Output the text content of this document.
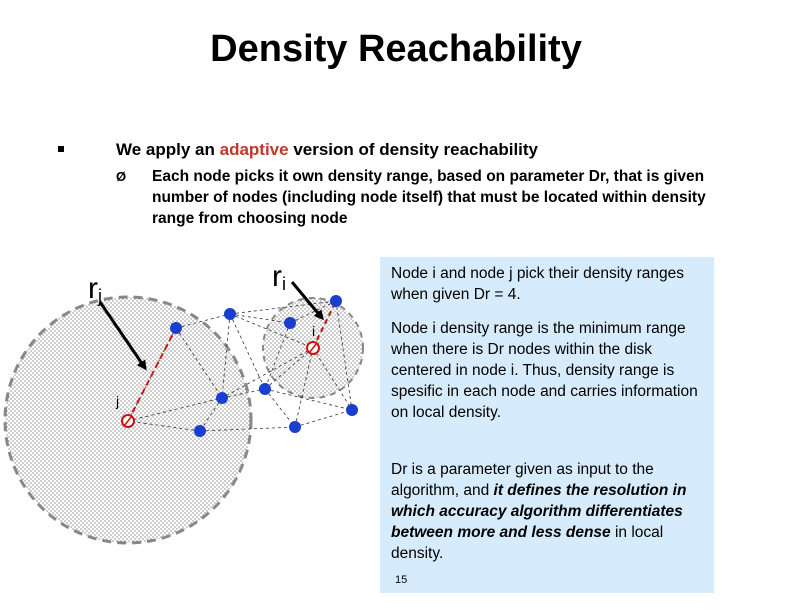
Density Reachability
We apply an adaptive version of density reachability
Ø Each node picks it own density range, based on parameter Dr, that is given number of nodes (including node itself) that must be located within density range from choosing node
rj
ri
i
j

Node i and node j pick their density ranges when given Dr = 4.

Node i density range is the minimum range when there is Dr nodes within the disk centered in node i. Thus, density range is spesific in each node and carries information on local density.

Dr is a parameter given as input to the algorithm, and it defines the resolution in which accuracy algorithm differentiates between more and less dense in local density.

15
